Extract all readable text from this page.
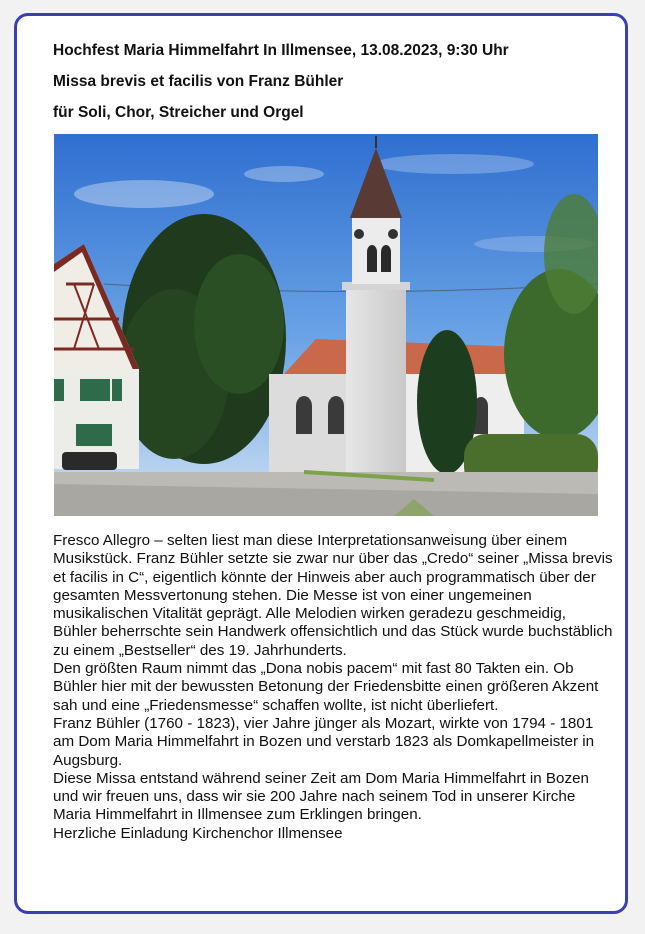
Hochfest Maria Himmelfahrt In Illmensee, 13.08.2023, 9:30 Uhr
Missa brevis et facilis von Franz Bühler
für Soli, Chor, Streicher und Orgel

Fresco Allegro – selten liest man diese Interpretationsanweisung über einem Musikstück. Franz Bühler setzte sie zwar nur über das „Credo“ seiner „Missa brevis et facilis in C“, eigentlich könnte der Hinweis aber auch programmatisch über der gesamten Messvertonung stehen. Die Messe ist von einer ungemeinen musikalischen Vitalität geprägt. Alle Melodien wirken geradezu geschmeidig, Bühler beherrschte sein Handwerk offensichtlich und das Stück wurde buchstäblich zu einem „Bestseller“ des 19. Jahrhunderts.

Den größten Raum nimmt das „Dona nobis pacem“ mit fast 80 Takten ein. Ob Bühler hier mit der bewussten Betonung der Friedensbitte einen größeren Akzent sah und eine „Friedensmesse“ schaffen wollte, ist nicht überliefert.

Franz Bühler (1760 - 1823), vier Jahre jünger als Mozart, wirkte von 1794 - 1801 am Dom Maria Himmelfahrt in Bozen und verstarb 1823 als Domkapellmeister in Augsburg.

Diese Missa entstand während seiner Zeit am Dom Maria Himmelfahrt in Bozen und wir freuen uns, dass wir sie 200 Jahre nach seinem Tod in unserer Kirche Maria Himmelfahrt in Illmensee zum Erklingen bringen.

Herzliche Einladung Kirchenchor Illmensee
